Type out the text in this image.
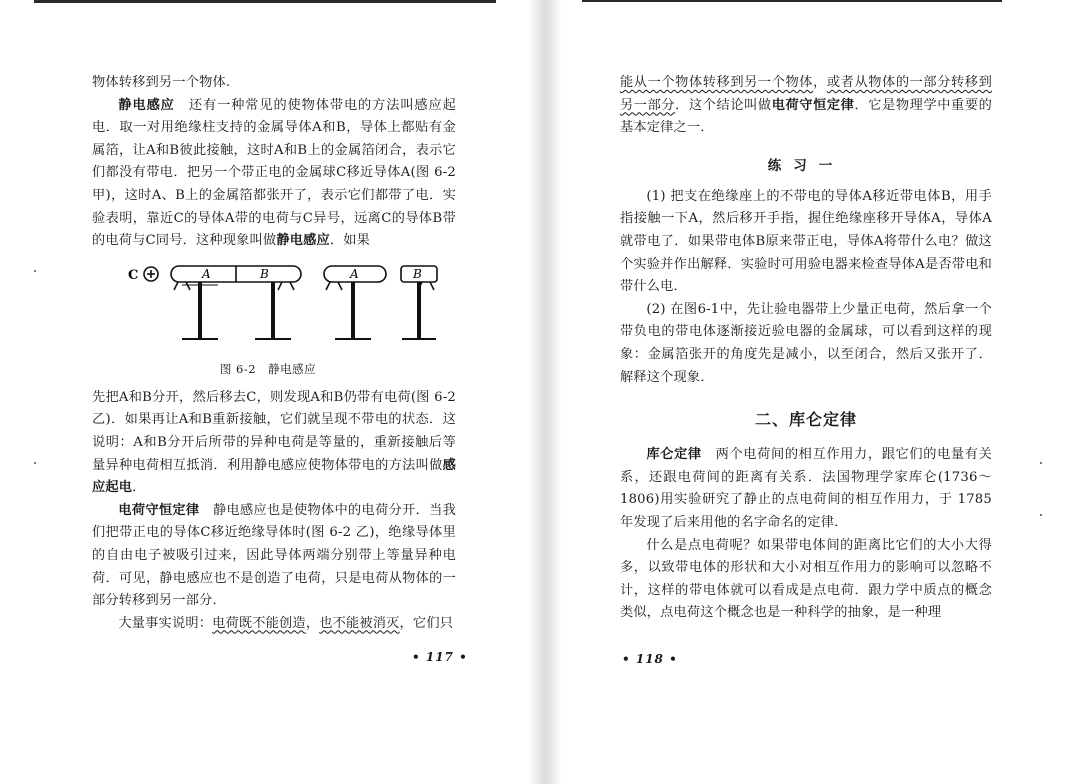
物体转移到另一个物体.

静电感应　 还有一种常见的使物体带电的方法叫感应起电．取一对用绝缘柱支持的金属导体A和B，导体上都贴有金属箔，让A和B彼此接触，这时A和B上的金属箔闭合，表示它们都没有带电．把另一个带正电的金属球C移近导体A(图 6-2 甲)，这时A、B上的金属箔都张开了，表示它们都带了电．实验表明，靠近C的导体A带的电荷与C异号，远离C的导体B带的电荷与C同号．这种现象叫做静电感应．如果

C	A	B	A	B
图 6-2 静电感应

先把A和B分开，然后移去C，则发现A和B仍带有电荷(图 6-2 乙)．如果再让A和B重新接触，它们就呈现不带电的状态．这说明：A和B分开后所带的异种电荷是等量的，重新接触后等量异种电荷相互抵消．利用静电感应使物体带电的方法叫做感应起电．

电荷守恒定律　 静电感应也是使物体中的电荷分开．当我们把带正电的导体C移近绝缘导体时(图 6-2 乙)，绝缘导体里的自由电子被吸引过来，因此导体两端分别带上等量异种电荷．可见，静电感应也不是创造了电荷，只是电荷从物体的一部分转移到另一部分．

大量事实说明：电荷既不能创造，也不能被消灭，它们只

• 117 •

能从一个物体转移到另一个物体，或者从物体的一部分转移到另一部分．这个结论叫做电荷守恒定律．它是物理学中重要的基本定律之一．

练习一

(1) 把支在绝缘座上的不带电的导体A移近带电体B，用手指接触一下A，然后移开手指，握住绝缘座移开导体A，导体A就带电了．如果带电体B原来带正电，导体A将带什么电？做这个实验并作出解释．实验时可用验电器来检查导体A是否带电和带什么电．

(2) 在图6-1中，先让验电器带上少量正电荷，然后拿一个带负电的带电体逐渐接近验电器的金属球，可以看到这样的现象：金属箔张开的角度先是减小，以至闭合，然后又张开了．解释这个现象．

二、库仑定律

库仑定律　 两个电荷间的相互作用力，跟它们的电量有关系，还跟电荷间的距离有关系．法国物理学家库仑(1736～1806)用实验研究了静止的点电荷间的相互作用力，于 1785 年发现了后来用他的名字命名的定律．

什么是点电荷呢？如果带电体间的距离比它们的大小大得多，以致带电体的形状和大小对相互作用力的影响可以忽略不计，这样的带电体就可以看成是点电荷．跟力学中质点的概念类似，点电荷这个概念也是一种科学的抽象，是一种理

• 118 •
